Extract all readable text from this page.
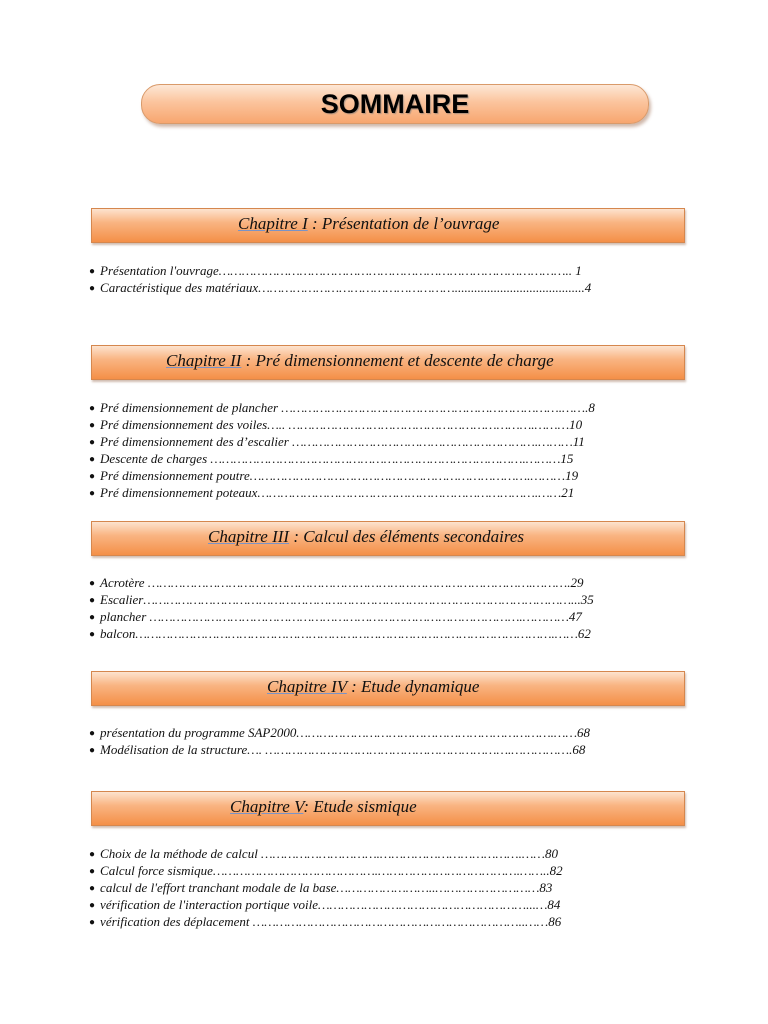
SOMMAIRE
Chapitre I : Présentation de l’ouvrage
● Présentation l'ouvrage……………………………………………………………………………….. 1
● Caractéristique des matériaux……………………………………………........................................4
Chapitre II : Pré dimensionnement et descente de charge
● Pré dimensionnement de plancher ……………………………………………………………….…….8
● Pré dimensionnement des voiles….. ……………………………………………………….………10
● Pré dimensionnement des d’escalier ……………………………………………………….………11
● Descente de charges ……………………………………………………………………….………15
● Pré dimensionnement poutre……………………………………………………………….………19
● Pré dimensionnement poteaux……………………………………………………………….……21
Chapitre III : Calcul des éléments secondaires
● Acrotère ……………………………………………………………………………………….……….29
● Escalier…………………………………………………………………………………………………...35
● plancher …………………………………………………………………………………….…………47
● balcon……………………………………………………………………………………………….……62
Chapitre IV : Etude dynamique
● présentation du programme SAP2000………………………………………………………….……68
● Modélisation de la structure…. ……………………………………………………….…………….68
Chapitre V: Etude sismique
● Choix de la méthode de calcul ………………………….……………………………….……80
● Calcul force sismique…………………………………….……………………………….……..82
● calcul de l'effort tranchant modale de la base……………………..………………………83
● vérification de l'interaction portique voile………………………………………………...…84
● vérification des déplacement ……………………………………………………………..……86
